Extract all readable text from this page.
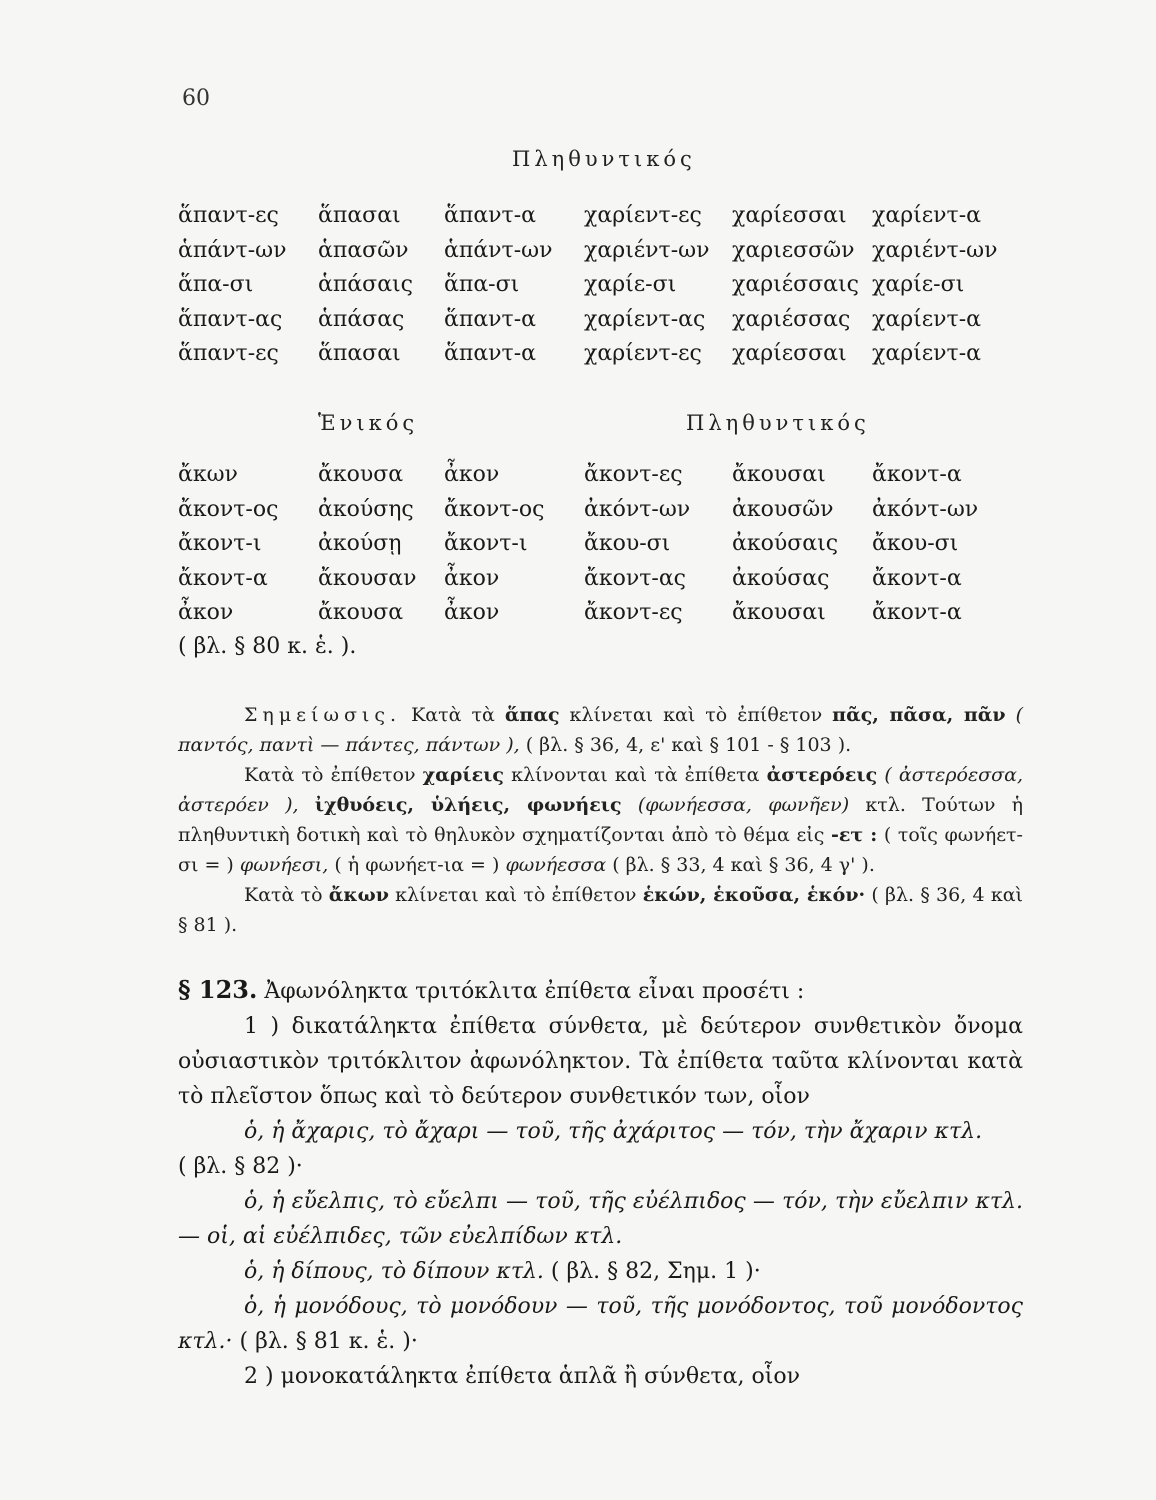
60
Πληθυντικός
ἅπαντ-ες ἅπασαι ἅπαντ-α χαρίεντ-ες χαρίεσσαι χαρίεντ-α
ἁπάντ-ων ἁπασῶν ἁπάντ-ων χαριέντ-ων χαριεσσῶν χαριέντ-ων
ἅπα-σι	ἁπάσαις ἅπα-σι	χαρίε-σι	χαριέσσαις χαρίε-σι
ἅπαντ-ας ἁπάσας ἅπαντ-α χαρίεντ-ας χαριέσσας χαρίεντ-α
ἅπαντ-ες ἅπασαι ἅπαντ-α χαρίεντ-ες χαρίεσσαι χαρίεντ-α
Ἑνικός	Πληθυντικός
ἄκων	ἄκουσα ἆκον	ἄκοντ-ες ἄκουσαι ἄκοντ-α
ἄκοντ-ος ἀκούσης ἄκοντ-ος ἀκόντ-ων ἀκουσῶν ἀκόντ-ων
ἄκοντ-ι	ἀκούσῃ ἄκοντ-ι	ἄκου-σι	ἀκούσαις ἄκου-σι
ἄκοντ-α ἄκουσαν ἆκον	ἄκοντ-ας ἀκούσας ἄκοντ-α
ἆκον	ἄκουσα ἆκον	ἄκοντ-ες ἄκουσαι ἄκοντ-α
( βλ. § 80 κ. ἑ. ).

Σημείωσις. Κατὰ τὰ ἅπας κλίνεται καὶ τὸ ἐπίθετον πᾶς, πᾶσα, πᾶν ( παντός, παντὶ — πάντες, πάντων ), ( βλ. § 36, 4, ε' καὶ § 101 - § 103 ).

Κατὰ τὸ ἐπίθετον χαρίεις κλίνονται καὶ τὰ ἐπίθετα ἀστερόεις ( ἀστερόεσσα, ἀστερόεν ), ἰχθυόεις, ὑλήεις, φωνήεις (φωνήεσσα, φωνῆεν) κτλ. Τούτων ἡ πληθυντικὴ δοτικὴ καὶ τὸ θηλυκὸν σχηματίζονται ἀπὸ τὸ θέμα εἰς -ετ : ( τοῖς φωνήετ-σι = ) φωνήεσι, ( ἡ φωνήετ-ια = ) φωνήεσσα ( βλ. § 33, 4 καὶ § 36, 4 γ' ).

Κατὰ τὸ ἄκων κλίνεται καὶ τὸ ἐπίθετον ἑκών, ἑκοῦσα, ἑκόν· ( βλ. § 36, 4 καὶ § 81 ).

§ 123. Ἀφωνόληκτα τριτόκλιτα ἐπίθετα εἶναι προσέτι :

1 ) δικατάληκτα ἐπίθετα σύνθετα, μὲ δεύτερον συνθετικὸν ὄνομα οὐσιαστικὸν τριτόκλιτον ἀφωνόληκτον. Τὰ ἐπίθετα ταῦτα κλίνονται κατὰ τὸ πλεῖστον ὅπως καὶ τὸ δεύτερον συνθετικόν των, οἷον

ὁ, ἡ ἄχαρις, τὸ ἄχαρι — τοῦ, τῆς ἀχάριτος — τόν, τὴν ἄχαριν κτλ.

( βλ. § 82 )·

ὁ, ἡ εὔελπις, τὸ εὔελπι — τοῦ, τῆς εὐέλπιδος — τόν, τὴν εὔελπιν κτλ. — οἱ, αἱ εὐέλπιδες, τῶν εὐελπίδων κτλ.

ὁ, ἡ δίπους, τὸ δίπουν κτλ. ( βλ. § 82, Σημ. 1 )·

ὁ, ἡ μονόδους, τὸ μονόδουν — τοῦ, τῆς μονόδοντος, τοῦ μονόδοντος κτλ.· ( βλ. § 81 κ. ἑ. )·

2 ) μονοκατάληκτα ἐπίθετα ἁπλᾶ ἢ σύνθετα, οἷον
